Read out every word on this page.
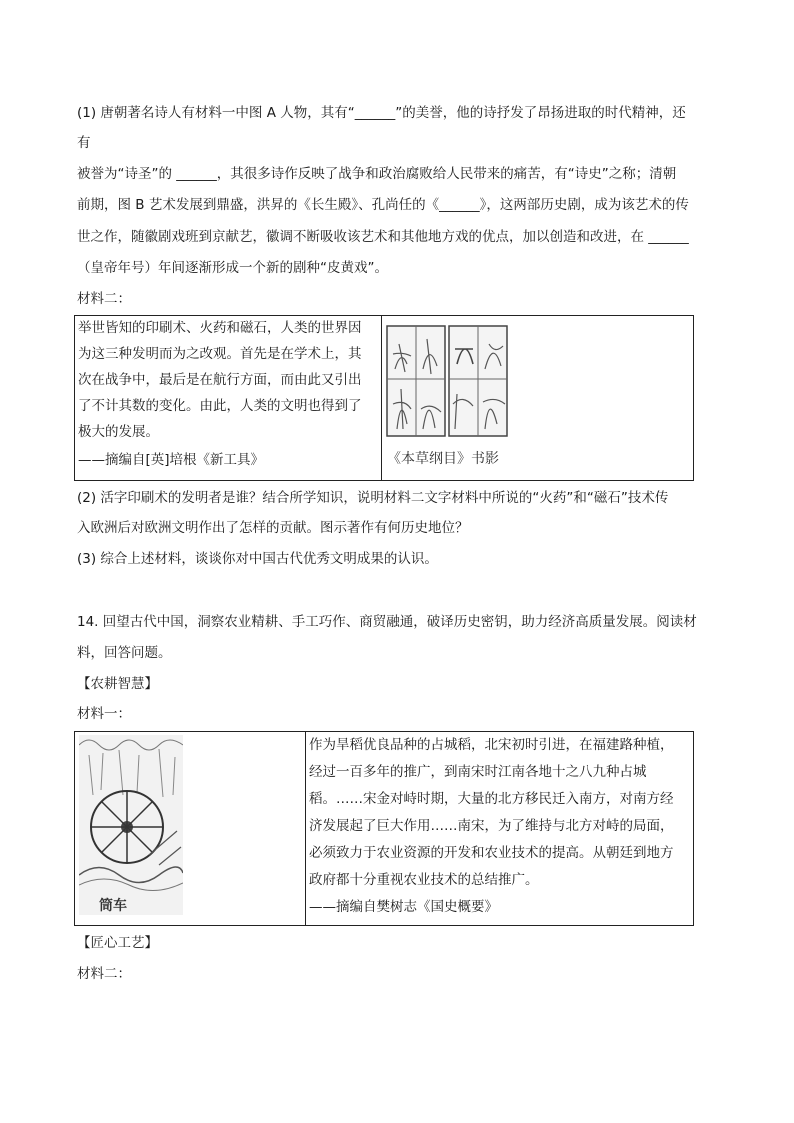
(1) 唐朝著名诗人有材料一中图 A 人物，其有“______”的美誉，他的诗抒发了昂扬进取的时代精神，还
有
被誉为“诗圣”的 ______，其很多诗作反映了战争和政治腐败给人民带来的痛苦，有“诗史”之称；清朝
前期，图 B 艺术发展到鼎盛，洪昇的《长生殿》、孔尚任的《______》，这两部历史剧，成为该艺术的传
世之作，随徽剧戏班到京献艺，徽调不断吸收该艺术和其他地方戏的优点，加以创造和改进，在 ______
（皇帝年号）年间逐渐形成一个新的剧种“皮黄戏”。
材料二：
举世皆知的印刷术、火药和磁石，人类的世界因
为这三种发明而为之改观。首先是在学术上，其
次在战争中，最后是在航行方面，而由此又引出
了不计其数的变化。由此，人类的文明也得到了
极大的发展。
——摘编自[英]培根《新工具》	《本草纲目》书影
(2) 活字印刷术的发明者是谁？结合所学知识，说明材料二文字材料中所说的“火药”和“磁石”技术传
入欧洲后对欧洲文明作出了怎样的贡献。图示著作有何历史地位？
(3) 综合上述材料，谈谈你对中国古代优秀文明成果的认识。
14. 回望古代中国，洞察农业精耕、手工巧作、商贸融通，破译历史密钥，助力经济高质量发展。阅读材
料，回答问题。
【农耕智慧】
材料一：
筒车
作为旱稻优良品种的占城稻，北宋初时引进，在福建路种植，
经过一百多年的推广，到南宋时江南各地十之八九种占城
稻。……宋金对峙时期，大量的北方移民迁入南方，对南方经
济发展起了巨大作用……南宋，为了维持与北方对峙的局面，
必须致力于农业资源的开发和农业技术的提高。从朝廷到地方
政府都十分重视农业技术的总结推广。
——摘编自樊树志《国史概要》
【匠心工艺】
材料二：
